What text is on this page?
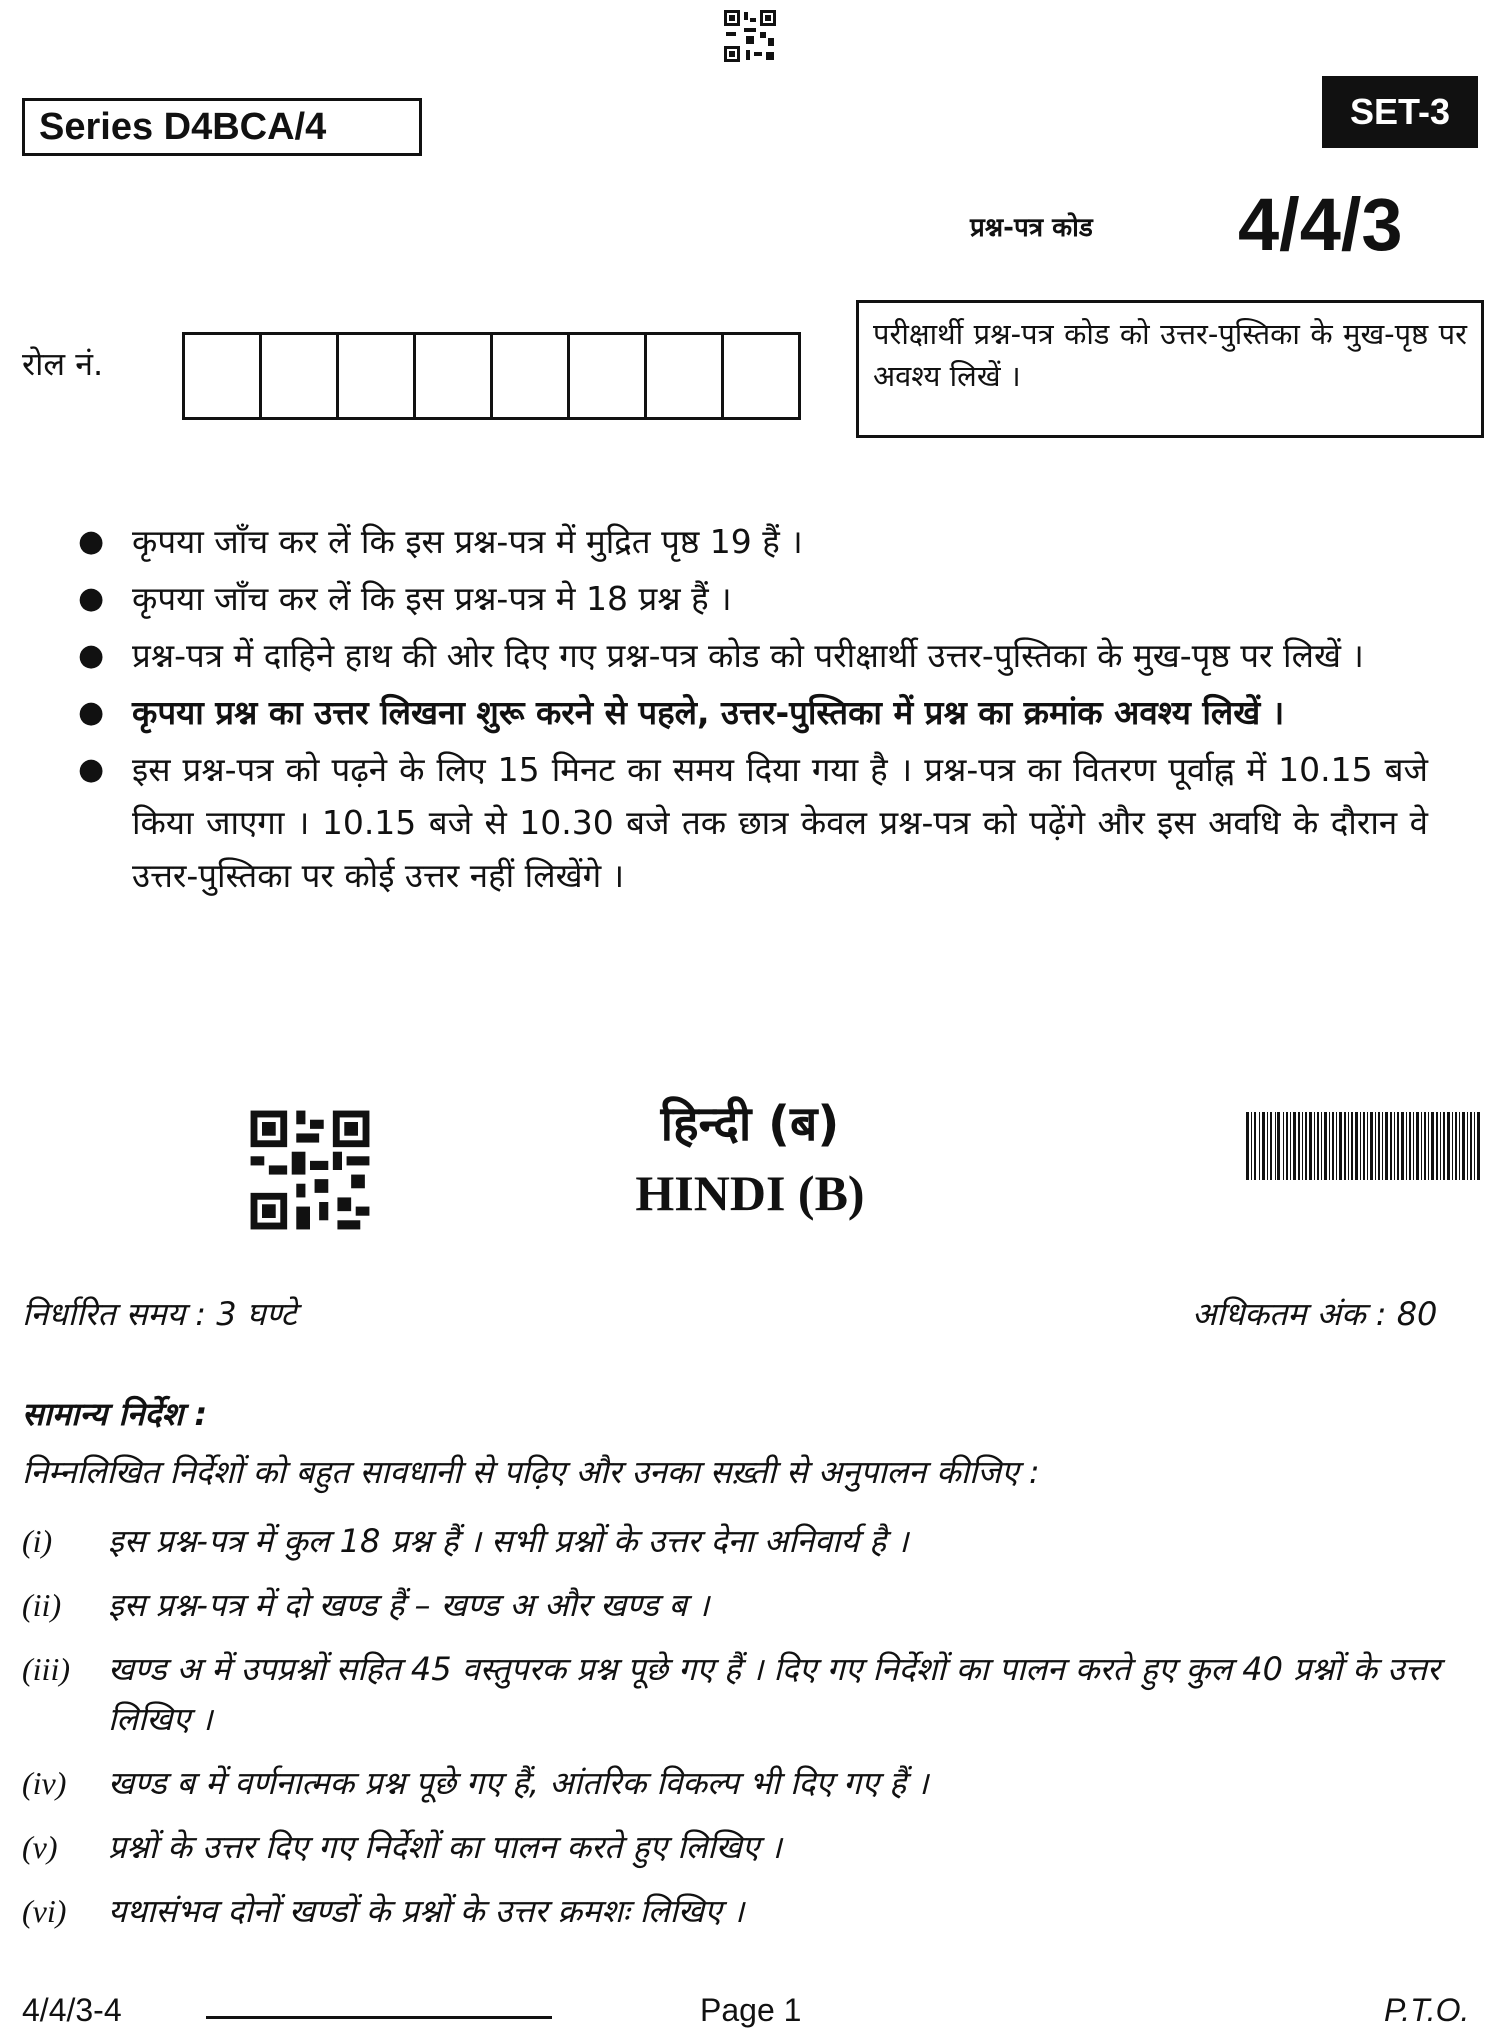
Series D4BCA/4	SET-3
प्रश्न-पत्र कोड 4/4/3
रोल नं.
परीक्षार्थी प्रश्न-पत्र कोड को उत्तर-पुस्तिका के मुख-पृष्ठ पर अवश्य लिखें ।
● कृपया जाँच कर लें कि इस प्रश्न-पत्र में मुद्रित पृष्ठ 19 हैं ।
● कृपया जाँच कर लें कि इस प्रश्न-पत्र मे 18 प्रश्न हैं ।
● प्रश्न-पत्र में दाहिने हाथ की ओर दिए गए प्रश्न-पत्र कोड को परीक्षार्थी उत्तर-पुस्तिका के मुख-पृष्ठ पर लिखें ।
● कृपया प्रश्न का उत्तर लिखना शुरू करने से पहले, उत्तर-पुस्तिका में प्रश्न का क्रमांक अवश्य लिखें ।
● इस प्रश्न-पत्र को पढ़ने के लिए 15 मिनट का समय दिया गया है । प्रश्न-पत्र का वितरण पूर्वाह्न में 10.15 बजे किया जाएगा । 10.15 बजे से 10.30 बजे तक छात्र केवल प्रश्न-पत्र को पढ़ेंगे और इस अवधि के दौरान वे उत्तर-पुस्तिका पर कोई उत्तर नहीं लिखेंगे ।
हिन्दी (ब)
HINDI (B)
निर्धारित समय : 3 घण्टे	अधिकतम अंक : 80
सामान्य निर्देश :
निम्नलिखित निर्देशों को बहुत सावधानी से पढ़िए और उनका सख़्ती से अनुपालन कीजिए :
(i) इस प्रश्न-पत्र में कुल 18 प्रश्न हैं । सभी प्रश्नों के उत्तर देना अनिवार्य है ।
(ii) इस प्रश्न-पत्र में दो खण्ड हैं – खण्ड अ और खण्ड ब ।
(iii) खण्ड अ में उपप्रश्नों सहित 45 वस्तुपरक प्रश्न पूछे गए हैं । दिए गए निर्देशों का पालन करते हुए कुल 40 प्रश्नों के उत्तर लिखिए ।
(iv) खण्ड ब में वर्णनात्मक प्रश्न पूछे गए हैं, आंतरिक विकल्प भी दिए गए हैं ।
(v) प्रश्नों के उत्तर दिए गए निर्देशों का पालन करते हुए लिखिए ।
(vi) यथासंभव दोनों खण्डों के प्रश्नों के उत्तर क्रमशः लिखिए ।
4/4/3-4	Page 1	P.T.O.
